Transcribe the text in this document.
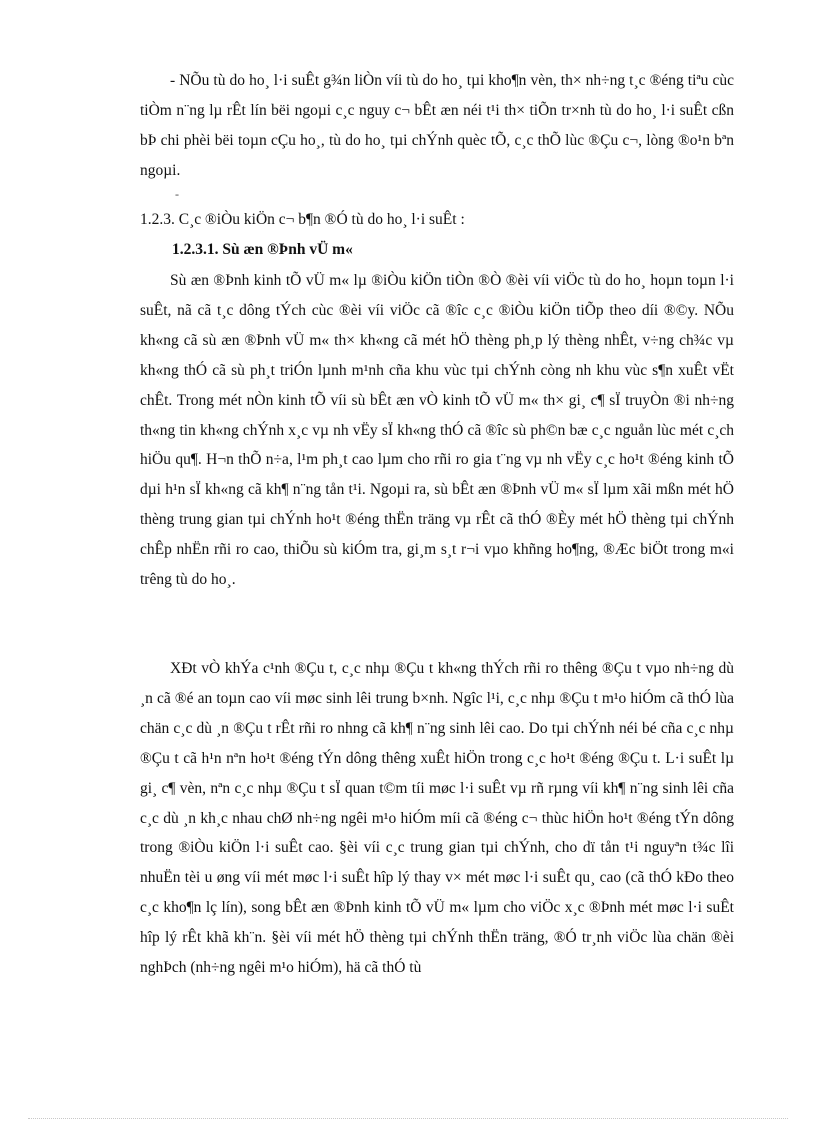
- NÕu tù do ho¸ l·i suÊt g¾n liÒn víi tù do ho¸ tµi kho¶n vèn, th× nh÷ng t¸c ®éng tiªu cùc tiÒm n¨ng lµ rÊt lín bëi ngoµi c¸c nguy c¬ bÊt æn néi t¹i th× tiÕn tr×nh tù do ho¸ l·i suÊt cßn bÞ chi phèi bëi toµn cÇu ho¸, tù do ho¸ tµi chÝnh quèc tÕ, c¸c thÕ lùc ®Çu c¬, lòng ®o¹n bªn ngoµi.

-

1.2.3. C¸c ®iÒu kiÖn c¬ b¶n ®Ó tù do ho¸ l·i suÊt :

1.2.3.1. Sù æn ®Þnh vÜ m«

Sù æn ®Þnh kinh tÕ vÜ m« lµ ®iÒu kiÖn tiÒn ®Ò ®èi víi viÖc tù do ho¸ hoµn toµn l·i suÊt, nã cã t¸c dông tÝch cùc ®èi víi viÖc cã ®îc c¸c ®iÒu kiÖn tiÕp theo díi ®©y. NÕu kh«ng cã sù æn ®Þnh vÜ m« th× kh«ng cã mét hÖ thèng ph¸p lý thèng nhÊt, v÷ng ch¾c vµ kh«ng thÓ cã sù ph¸t triÓn lµnh m¹nh cña khu vùc tµi chÝnh còng nh khu vùc s¶n xuÊt vËt chÊt. Trong mét nÒn kinh tÕ víi sù bÊt æn vÒ kinh tÕ vÜ m« th× gi¸ c¶ sÏ truyÒn ®i nh÷ng th«ng tin kh«ng chÝnh x¸c vµ nh vËy sÏ kh«ng thÓ cã ®îc sù ph©n bæ c¸c nguån lùc mét c¸ch hiÖu qu¶. H¬n thÕ n÷a, l¹m ph¸t cao lµm cho rñi ro gia t¨ng vµ nh vËy c¸c ho¹t ®éng kinh tÕ dµi h¹n sÏ kh«ng cã kh¶ n¨ng tån t¹i. Ngoµi ra, sù bÊt æn ®Þnh vÜ m« sÏ lµm xãi mßn mét hÖ thèng trung gian tµi chÝnh ho¹t ®éng thËn träng vµ rÊt cã thÓ ®Èy mét hÖ thèng tµi chÝnh chÊp nhËn rñi ro cao, thiÕu sù kiÓm tra, gi¸m s¸t r¬i vµo khñng ho¶ng, ®Æc biÖt trong m«i trêng tù do ho¸.

XÐt vÒ khÝa c¹nh ®Çu t, c¸c nhµ ®Çu t kh«ng thÝch rñi ro thêng ®Çu t vµo nh÷ng dù ¸n cã ®é an toµn cao víi møc sinh lêi trung b×nh. Ngîc l¹i, c¸c nhµ ®Çu t m¹o hiÓm cã thÓ lùa chän c¸c dù ¸n ®Çu t rÊt rñi ro nhng cã kh¶ n¨ng sinh lêi cao. Do tµi chÝnh néi bé cña c¸c nhµ ®Çu t cã h¹n nªn ho¹t ®éng tÝn dông thêng xuÊt hiÖn trong c¸c ho¹t ®éng ®Çu t. L·i suÊt lµ gi¸ c¶ vèn, nªn c¸c nhµ ®Çu t sÏ quan t©m tíi møc l·i suÊt vµ rñ rµng víi kh¶ n¨ng sinh lêi cña c¸c dù ¸n kh¸c nhau chØ nh÷ng ngêi m¹o hiÓm míi cã ®éng c¬ thùc hiÖn ho¹t ®éng tÝn dông trong ®iÒu kiÖn l·i suÊt cao. §èi víi c¸c trung gian tµi chÝnh, cho dï tån t¹i nguyªn t¾c lîi nhuËn tèi u øng víi mét møc l·i suÊt hîp lý thay v× mét møc l·i suÊt qu¸ cao (cã thÓ kÐo theo c¸c kho¶n lç lín), song bÊt æn ®Þnh kinh tÕ vÜ m« lµm cho viÖc x¸c ®Þnh mét møc l·i suÊt hîp lý rÊt khã kh¨n. §èi víi mét hÖ thèng tµi chÝnh thËn träng, ®Ó tr¸nh viÖc lùa chän ®èi nghÞch (nh÷ng ngêi m¹o hiÓm), hä cã thÓ tù
